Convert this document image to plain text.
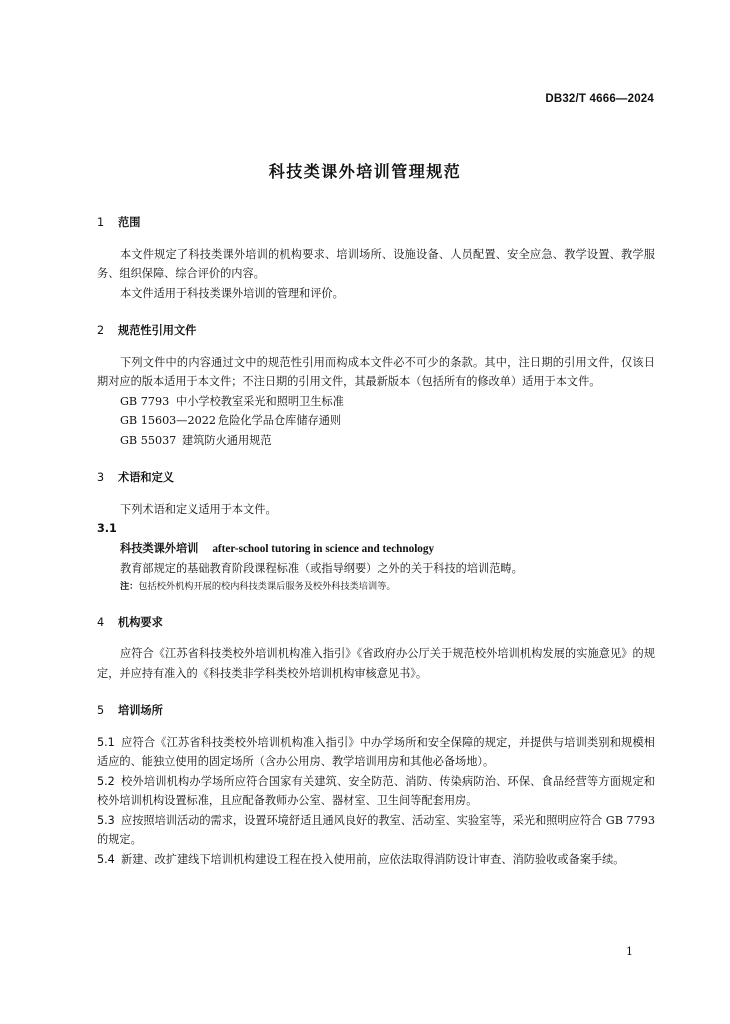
DB32/T 4666—2024
科技类课外培训管理规范
1 范围

本文件规定了科技类课外培训的机构要求、培训场所、设施设备、人员配置、安全应急、教学设置、教学服务、组织保障、综合评价的内容。

本文件适用于科技类课外培训的管理和评价。

2 规范性引用文件

下列文件中的内容通过文中的规范性引用而构成本文件必不可少的条款。其中，注日期的引用文件，仅该日期对应的版本适用于本文件；不注日期的引用文件，其最新版本（包括所有的修改单）适用于本文件。

GB 7793 中小学校教室采光和照明卫生标准
GB 15603—2022 危险化学品仓库储存通则
GB 55037 建筑防火通用规范
3 术语和定义

下列术语和定义适用于本文件。

3.1
科技类课外培训 after-school tutoring in science and technology

教育部规定的基础教育阶段课程标准（或指导纲要）之外的关于科技的培训范畴。

注：包括校外机构开展的校内科技类课后服务及校外科技类培训等。
4 机构要求

应符合《江苏省科技类校外培训机构准入指引》《省政府办公厅关于规范校外培训机构发展的实施意见》的规定，并应持有准入的《科技类非学科类校外培训机构审核意见书》。

5 培训场所

5.1 应符合《江苏省科技类校外培训机构准入指引》中办学场所和安全保障的规定，并提供与培训类别和规模相适应的、能独立使用的固定场所（含办公用房、教学培训用房和其他必备场地）。

5.2 校外培训机构办学场所应符合国家有关建筑、安全防范、消防、传染病防治、环保、食品经营等方面规定和校外培训机构设置标准，且应配备教师办公室、器材室、卫生间等配套用房。

5.3 应按照培训活动的需求，设置环境舒适且通风良好的教室、活动室、实验室等，采光和照明应符合 GB 7793 的规定。

5.4 新建、改扩建线下培训机构建设工程在投入使用前，应依法取得消防设计审查、消防验收或备案手续。

1
